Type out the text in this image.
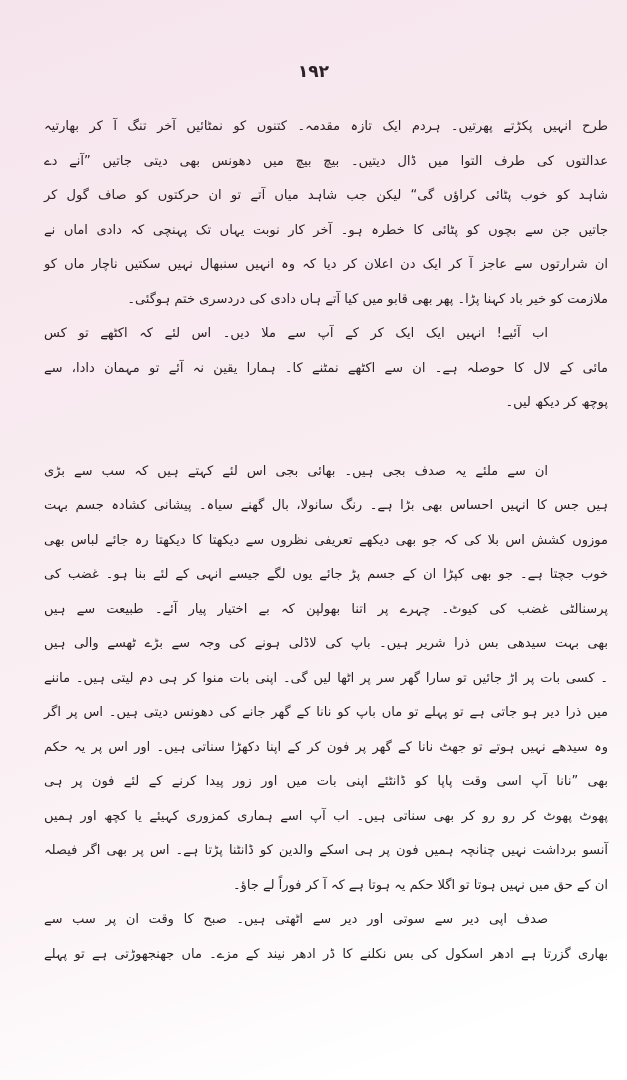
۱۹۲
طرح انہیں پکڑتے پھرتیں۔ ہردم ایک تازہ مقدمہ۔ کتنوں کو نمٹائیں آخر تنگ آ کر بھارتیہ
عدالتوں کی طرف التوا میں ڈال دیتیں۔ بیچ بیچ میں دھونس بھی دیتی جاتیں ”آنے دے
شاہد کو خوب پٹائی کراؤں گی“ لیکن جب شاہد میاں آتے تو ان حرکتوں کو صاف گول کر
جاتیں جن سے بچوں کو پٹائی کا خطرہ ہو۔ آخر کار نوبت یہاں تک پہنچی کہ دادی اماں نے
ان شرارتوں سے عاجز آ کر ایک دن اعلان کر دیا کہ وہ انہیں سنبھال نہیں سکتیں ناچار ماں کو
ملازمت کو خیر باد کہنا پڑا۔ پھر بھی قابو میں کیا آتے ہاں دادی کی دردسری ختم ہوگئی۔
اب آئیے! انہیں ایک ایک کر کے آپ سے ملا دیں۔ اس لئے کہ اکٹھے تو کس
مائی کے لال کا حوصلہ ہے۔ ان سے اکٹھے نمٹنے کا۔ ہمارا یقین نہ آئے تو مہمان دادا، سے
پوچھ کر دیکھ لیں۔
ان سے ملئے یہ صدف بجی ہیں۔ بھائی بجی اس لئے کہتے ہیں کہ سب سے بڑی
ہیں جس کا انہیں احساس بھی بڑا ہے۔ رنگ سانولا، بال گھنے سیاہ۔ پیشانی کشادہ جسم بہت
موزوں کشش اس بلا کی کہ جو بھی دیکھے تعریفی نظروں سے دیکھتا کا دیکھتا رہ جائے لباس بھی
خوب جچتا ہے۔ جو بھی کپڑا ان کے جسم پڑ جائے یوں لگے جیسے انہی کے لئے بنا ہو۔ غضب کی
پرسنالٹی غضب کی کیوٹ۔ چہرے پر اتنا بھولپن کہ بے اختیار پیار آئے۔ طبیعت سے ہیں
بھی بہت سیدھی بس ذرا شریر ہیں۔ باپ کی لاڈلی ہونے کی وجہ سے بڑے ٹھسے والی ہیں
۔ کسی بات پر اڑ جائیں تو سارا گھر سر پر اٹھا لیں گی۔ اپنی بات منوا کر ہی دم لیتی ہیں۔ ماننے
میں ذرا دیر ہو جاتی ہے تو پہلے تو ماں باپ کو نانا کے گھر جانے کی دھونس دیتی ہیں۔ اس پر اگر
وہ سیدھے نہیں ہوتے تو جھٹ نانا کے گھر پر فون کر کے اپنا دکھڑا سناتی ہیں۔ اور اس پر یہ حکم
بھی ”نانا آپ اسی وقت پاپا کو ڈانٹئے اپنی بات میں اور زور پیدا کرنے کے لئے فون پر ہی
پھوٹ پھوٹ کر رو رو کر بھی سناتی ہیں۔ اب آپ اسے ہماری کمزوری کہیئے یا کچھ اور ہمیں
آنسو برداشت نہیں چنانچہ ہمیں فون پر ہی اسکے والدین کو ڈانٹنا پڑتا ہے۔ اس پر بھی اگر فیصلہ
ان کے حق میں نہیں ہوتا تو اگلا حکم یہ ہوتا ہے کہ آ کر فوراً لے جاؤ۔
صدف اپی دیر سے سوتی اور دیر سے اٹھتی ہیں۔ صبح کا وقت ان پر سب سے
بھاری گزرتا ہے ادھر اسکول کی بس نکلنے کا ڈر ادھر نیند کے مزے۔ ماں جھنجھوڑتی ہے تو پہلے
